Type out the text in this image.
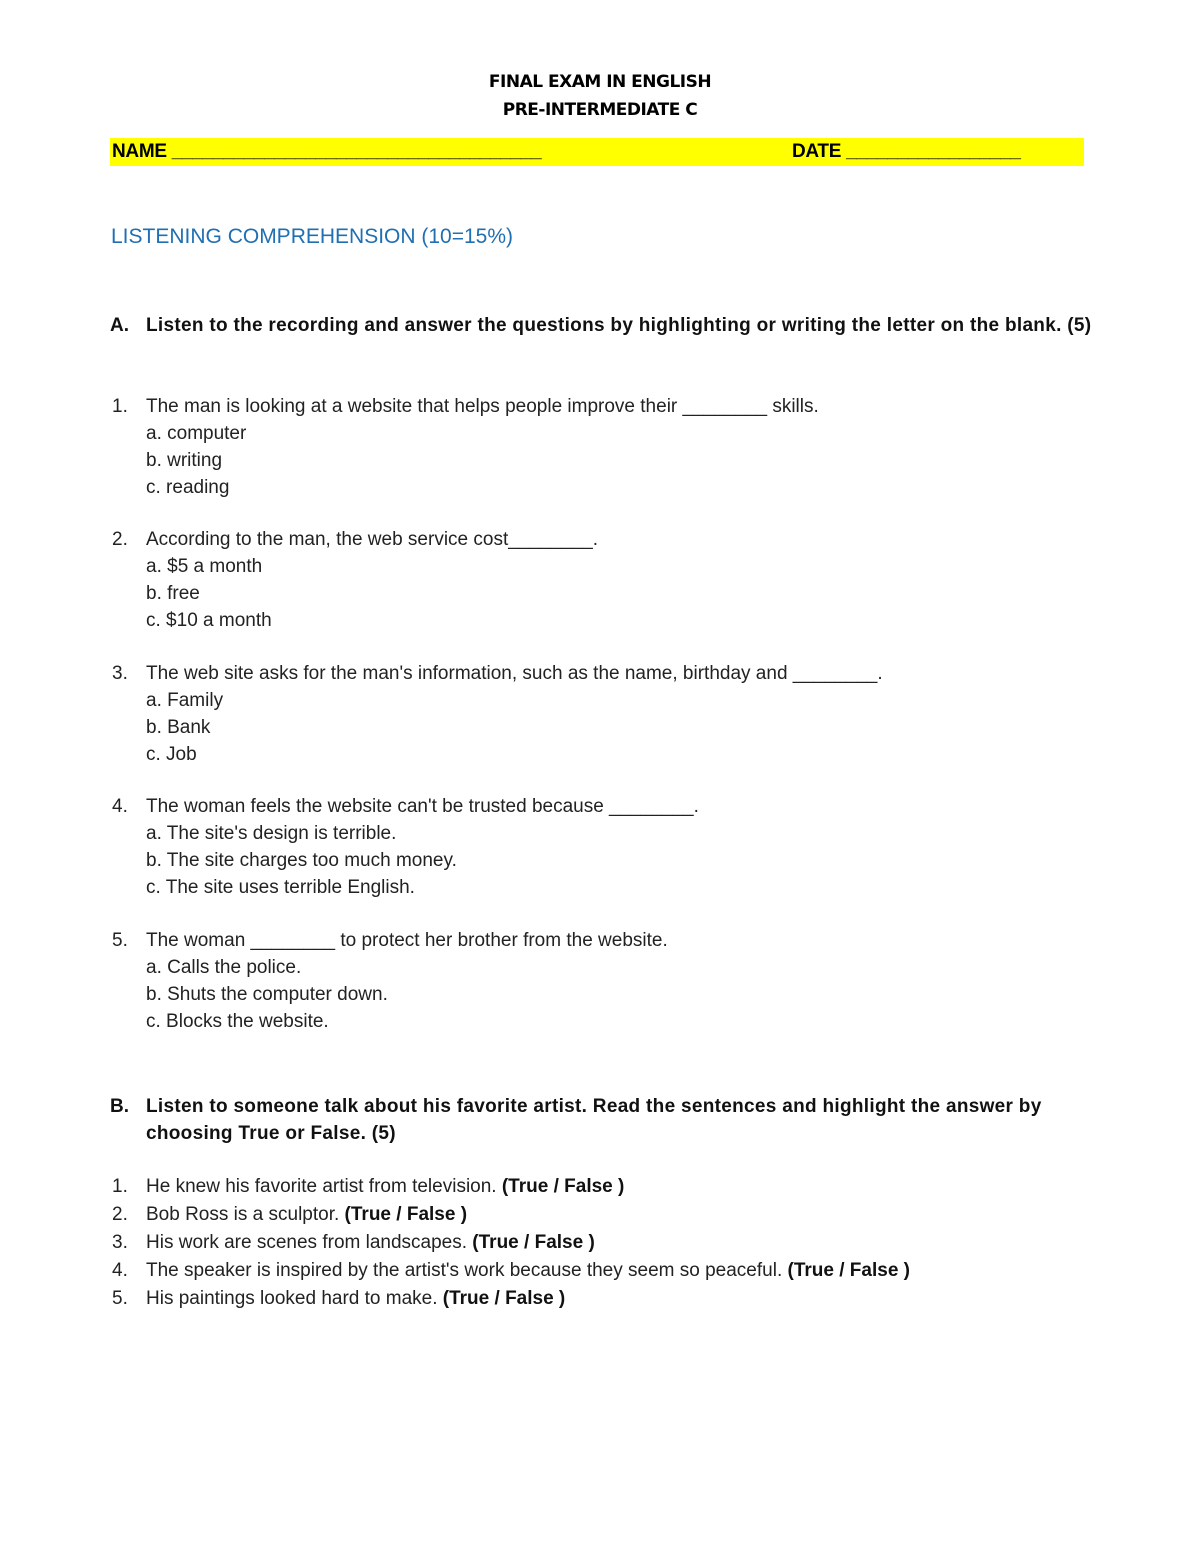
FINAL EXAM IN ENGLISH
PRE-INTERMEDIATE C
NAME ____________________________________	DATE _________________
LISTENING COMPREHENSION (10=15%)
A. Listen to the recording and answer the questions by highlighting or writing the letter on the blank. (5)
1. The man is looking at a website that helps people improve their ________ skills.
a. computer
b. writing
c. reading
2. According to the man, the web service cost________.
a. $5 a month
b. free
c. $10 a month
3. The web site asks for the man's information, such as the name, birthday and ________.
a. Family
b. Bank
c. Job
4. The woman feels the website can't be trusted because ________.
a. The site's design is terrible.
b. The site charges too much money.
c. The site uses terrible English.
5. The woman ________ to protect her brother from the website.
a. Calls the police.
b. Shuts the computer down.
c. Blocks the website.
B. Listen to someone talk about his favorite artist. Read the sentences and highlight the answer by choosing True or False. (5)
1. He knew his favorite artist from television. (True / False )
2. Bob Ross is a sculptor. (True / False )
3. His work are scenes from landscapes. (True / False )
4. The speaker is inspired by the artist's work because they seem so peaceful. (True / False )
5. His paintings looked hard to make. (True / False )
